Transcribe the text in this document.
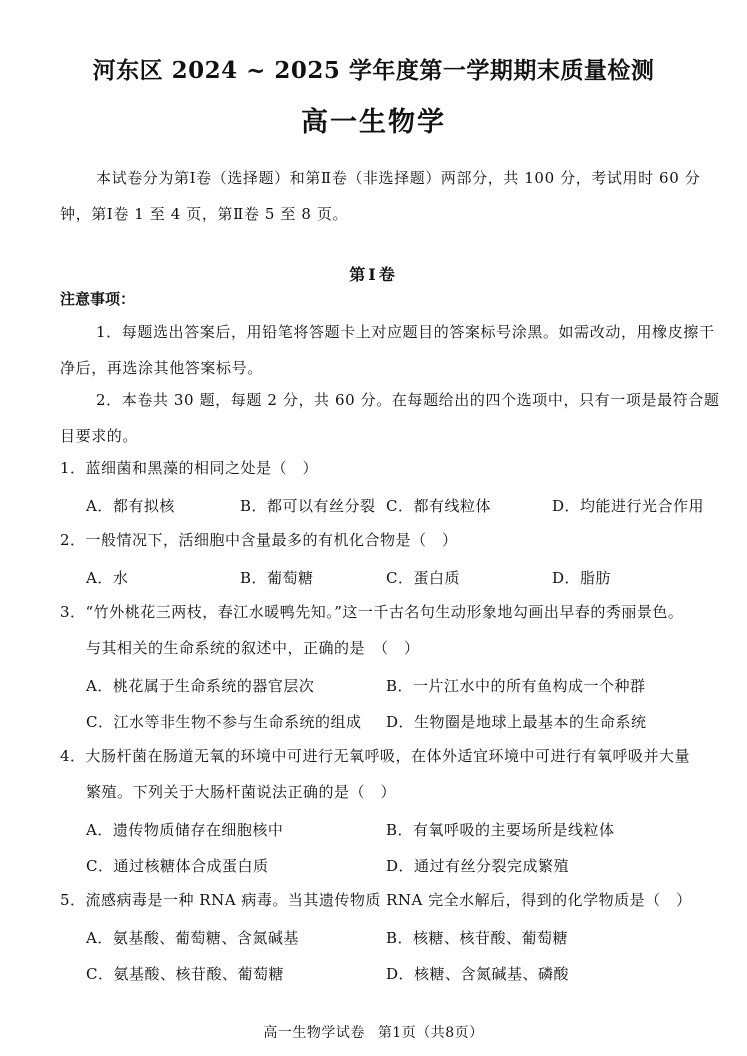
河东区 2024 ~ 2025 学年度第一学期期末质量检测
高一生物学
本试卷分为第Ⅰ卷（选择题）和第Ⅱ卷（非选择题）两部分，共 100 分，考试用时 60 分钟，第Ⅰ卷 1 至 4 页，第Ⅱ卷 5 至 8 页。
第Ⅰ卷
注意事项：
1．每题选出答案后，用铅笔将答题卡上对应题目的答案标号涂黑。如需改动，用橡皮擦干净后，再选涂其他答案标号。
2．本卷共 30 题，每题 2 分，共 60 分。在每题给出的四个选项中，只有一项是最符合题目要求的。
1．蓝细菌和黑藻的相同之处是（　）
A．都有拟核	B．都可以有丝分裂 C．都有线粒体	D．均能进行光合作用
2．一般情况下，活细胞中含量最多的有机化合物是（　）
A．水	B．葡萄糖	C．蛋白质	D．脂肪
3．“竹外桃花三两枝，春江水暖鸭先知。”这一千古名句生动形象地勾画出早春的秀丽景色。
与其相关的生命系统的叙述中，正确的是　（　）
A．桃花属于生命系统的器官层次	B．一片江水中的所有鱼构成一个种群
C．江水等非生物不参与生命系统的组成 D．生物圈是地球上最基本的生命系统
4．大肠杆菌在肠道无氧的环境中可进行无氧呼吸，在体外适宜环境中可进行有氧呼吸并大量
繁殖。下列关于大肠杆菌说法正确的是（　）
A．遗传物质储存在细胞核中	B．有氧呼吸的主要场所是线粒体
C．通过核糖体合成蛋白质	D．通过有丝分裂完成繁殖
5．流感病毒是一种 RNA 病毒。当其遗传物质 RNA 完全水解后，得到的化学物质是（　）
A．氨基酸、葡萄糖、含氮碱基	B．核糖、核苷酸、葡萄糖
C．氨基酸、核苷酸、葡萄糖	D．核糖、含氮碱基、磷酸
高一生物学试卷 第1页（共8页）
